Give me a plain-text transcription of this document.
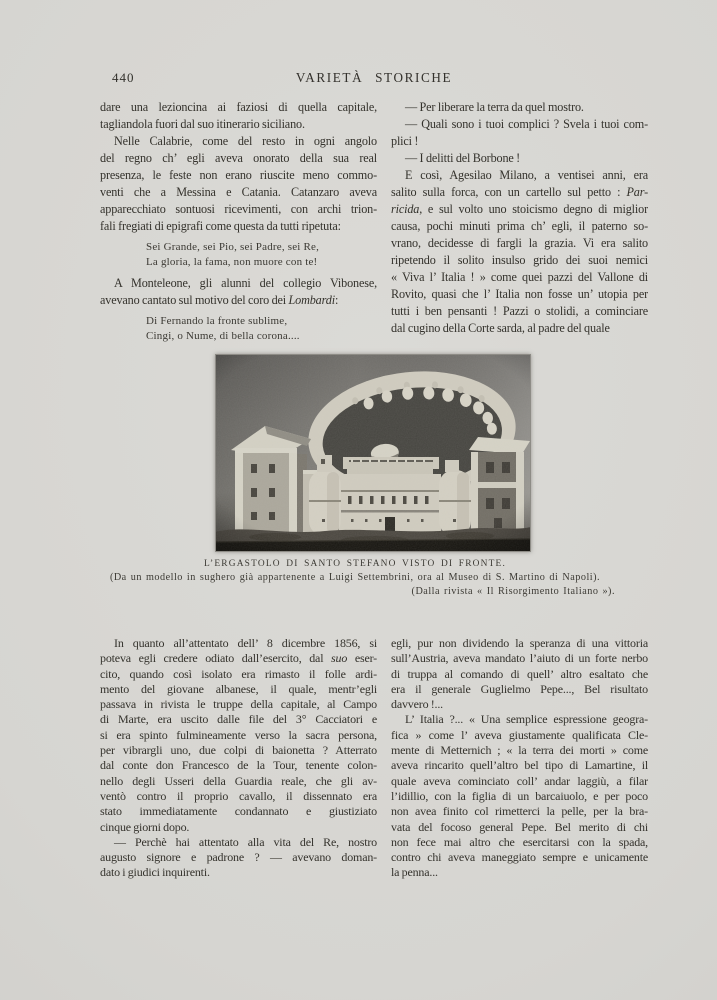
440	VARIETÀ STORICHE
dare una lezioncina ai faziosi di quella capitale,
tagliandola fuori dal suo itinerario siciliano.
Nelle Calabrie, come del resto in ogni angolo
del regno ch’ egli aveva onorato della sua real
presenza, le feste non erano riuscite meno commo-
venti che a Messina e Catania. Catanzaro aveva
apparecchiato sontuosi ricevimenti, con archi trion-
fali fregiati di epigrafi come questa da tutti ripetuta:
Sei Grande, sei Pio, sei Padre, sei Re,
La gloria, la fama, non muore con te!
A Monteleone, gli alunni del collegio Vibonese,
avevano cantato sul motivo del coro dei Lombardi:
Di Fernando la fronte sublime,
Cingi, o Nume, di bella corona....
— Per liberare la terra da quel mostro.
— Quali sono i tuoi complici ? Svela i tuoi com-
plici !
— I delitti del Borbone !
E così, Agesilao Milano, a ventisei anni, era
salito sulla forca, con un cartello sul petto : Par-
ricida, e sul volto uno stoicismo degno di miglior
causa, pochi minuti prima ch’ egli, il paterno so-
vrano, decidesse di fargli la grazia. Vi era salito
ripetendo il solito insulso grido dei suoi nemici
« Viva l’ Italia ! » come quei pazzi del Vallone di
Rovito, quasi che l’ Italia non fosse un’ utopia per
tutti i ben pensanti ! Pazzi o stolidi, a cominciare
dal cugino della Corte sarda, al padre del quale
L’ERGASTOLO DI SANTO STEFANO VISTO DI FRONTE.
(Da un modello in sughero già appartenente a Luigi Settembrini, ora al Museo di S. Martino di Napoli).
(Dalla rivista « Il Risorgimento Italiano »).
In quanto all’attentato dell’ 8 dicembre 1856, si
poteva egli credere odiato dall’esercito, dal suo eser-
cito, quando così isolato era rimasto il folle ardi-
mento del giovane albanese, il quale, mentr’egli
passava in rivista le truppe della capitale, al Campo
di Marte, era uscito dalle file del 3° Cacciatori e
si era spinto fulmineamente verso la sacra persona,
per vibrargli uno, due colpi di baionetta ? Atterrato
dal conte don Francesco de la Tour, tenente colon-
nello degli Usseri della Guardia reale, che gli av-
ventò contro il proprio cavallo, il dissennato era
stato immediatamente condannato e giustiziato
cinque giorni dopo.
— Perchè hai attentato alla vita del Re, nostro
augusto signore e padrone ? — avevano doman-
dato i giudici inquirenti.
egli, pur non dividendo la speranza di una vittoria
sull’Austria, aveva mandato l’aiuto di un forte nerbo
di truppa al comando di quell’ altro esaltato che
era il generale Guglielmo Pepe..., Bel risultato
davvero !...
L’ Italia ?... « Una semplice espressione geogra-
fica » come l’ aveva giustamente qualificata Cle-
mente di Metternich ; « la terra dei morti » come
aveva rincarito quell’altro bel tipo di Lamartine, il
quale aveva cominciato coll’ andar laggiù, a filar
l’idillio, con la figlia di un barcaiuolo, e per poco
non avea finito col rimetterci la pelle, per la bra-
vata del focoso general Pepe. Bel merito di chi
non fece mai altro che esercitarsi con la spada,
contro chi aveva maneggiato sempre e unicamente
la penna...
